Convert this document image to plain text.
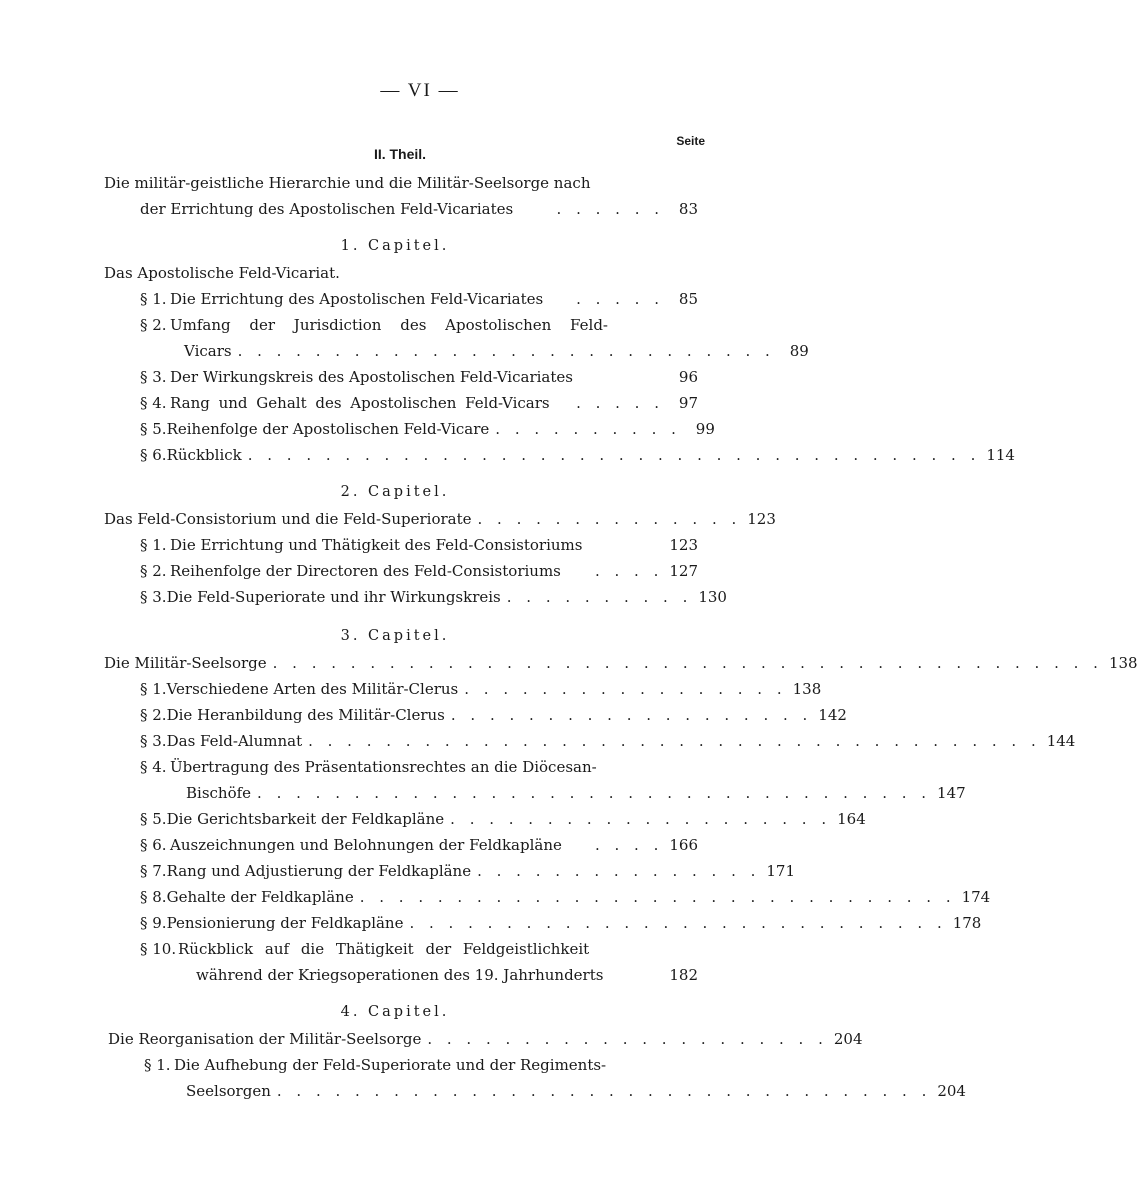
— VI —
Seite
II. Theil.
Die militär-geistliche Hierarchie und die Militär-Seelsorge nach
der Errichtung des Apostolischen Feld-Vicariates	. . . . . . 83
1. Capitel.
Das Apostolische Feld-Vicariat.
§ 1. Die Errichtung des Apostolischen Feld-Vicariates	. . . . . 85
§ 2. Umfang der Jurisdiction des Apostolischen Feld-
Vicars . . . . . . . . . . . . . . . . . . . . . . . . . . . . 89
§ 3. Der Wirkungskreis des Apostolischen Feld-Vicariates	96
§ 4. Rang und Gehalt des Apostolischen Feld-Vicars	. . . . . 97
§ 5. Reihenfolge der Apostolischen Feld-Vicare . . . . . . . . . . 99
§ 6. Rückblick . . . . . . . . . . . . . . . . . . . . . . . . . . . . . . . . . . . . . . 114
2. Capitel.
Das Feld-Consistorium und die Feld-Superiorate . . . . . . . . . . . . . . 123
§ 1. Die Errichtung und Thätigkeit des Feld-Consistoriums	123
§ 2. Reihenfolge der Directoren des Feld-Consistoriums	. . . . 127
§ 3. Die Feld-Superiorate und ihr Wirkungskreis . . . . . . . . . . 130
3. Capitel.
Die Militär-Seelsorge . . . . . . . . . . . . . . . . . . . . . . . . . . . . . . . . . . . . . . . . . . . 138
§ 1. Verschiedene Arten des Militär-Clerus . . . . . . . . . . . . . . . . . 138
§ 2. Die Heranbildung des Militär-Clerus . . . . . . . . . . . . . . . . . . . 142
§ 3. Das Feld-Alumnat . . . . . . . . . . . . . . . . . . . . . . . . . . . . . . . . . . . . . . 144
§ 4. Übertragung des Präsentationsrechtes an die Diöcesan-
Bischöfe . . . . . . . . . . . . . . . . . . . . . . . . . . . . . . . . . . . 147
§ 5. Die Gerichtsbarkeit der Feldkapläne . . . . . . . . . . . . . . . . . . . . 164
§ 6. Auszeichnungen und Belohnungen der Feldkapläne	. . . . 166
§ 7. Rang und Adjustierung der Feldkapläne . . . . . . . . . . . . . . . 171
§ 8. Gehalte der Feldkapläne . . . . . . . . . . . . . . . . . . . . . . . . . . . . . . . 174
§ 9. Pensionierung der Feldkapläne . . . . . . . . . . . . . . . . . . . . . . . . . . . . 178
§ 10. Rückblick auf die Thätigkeit der Feldgeistlichkeit
während der Kriegsoperationen des 19. Jahrhunderts	182
4. Capitel.
Die Reorganisation der Militär-Seelsorge . . . . . . . . . . . . . . . . . . . . . 204
§ 1. Die Aufhebung der Feld-Superiorate und der Regiments-
Seelsorgen . . . . . . . . . . . . . . . . . . . . . . . . . . . . . . . . . . 204
